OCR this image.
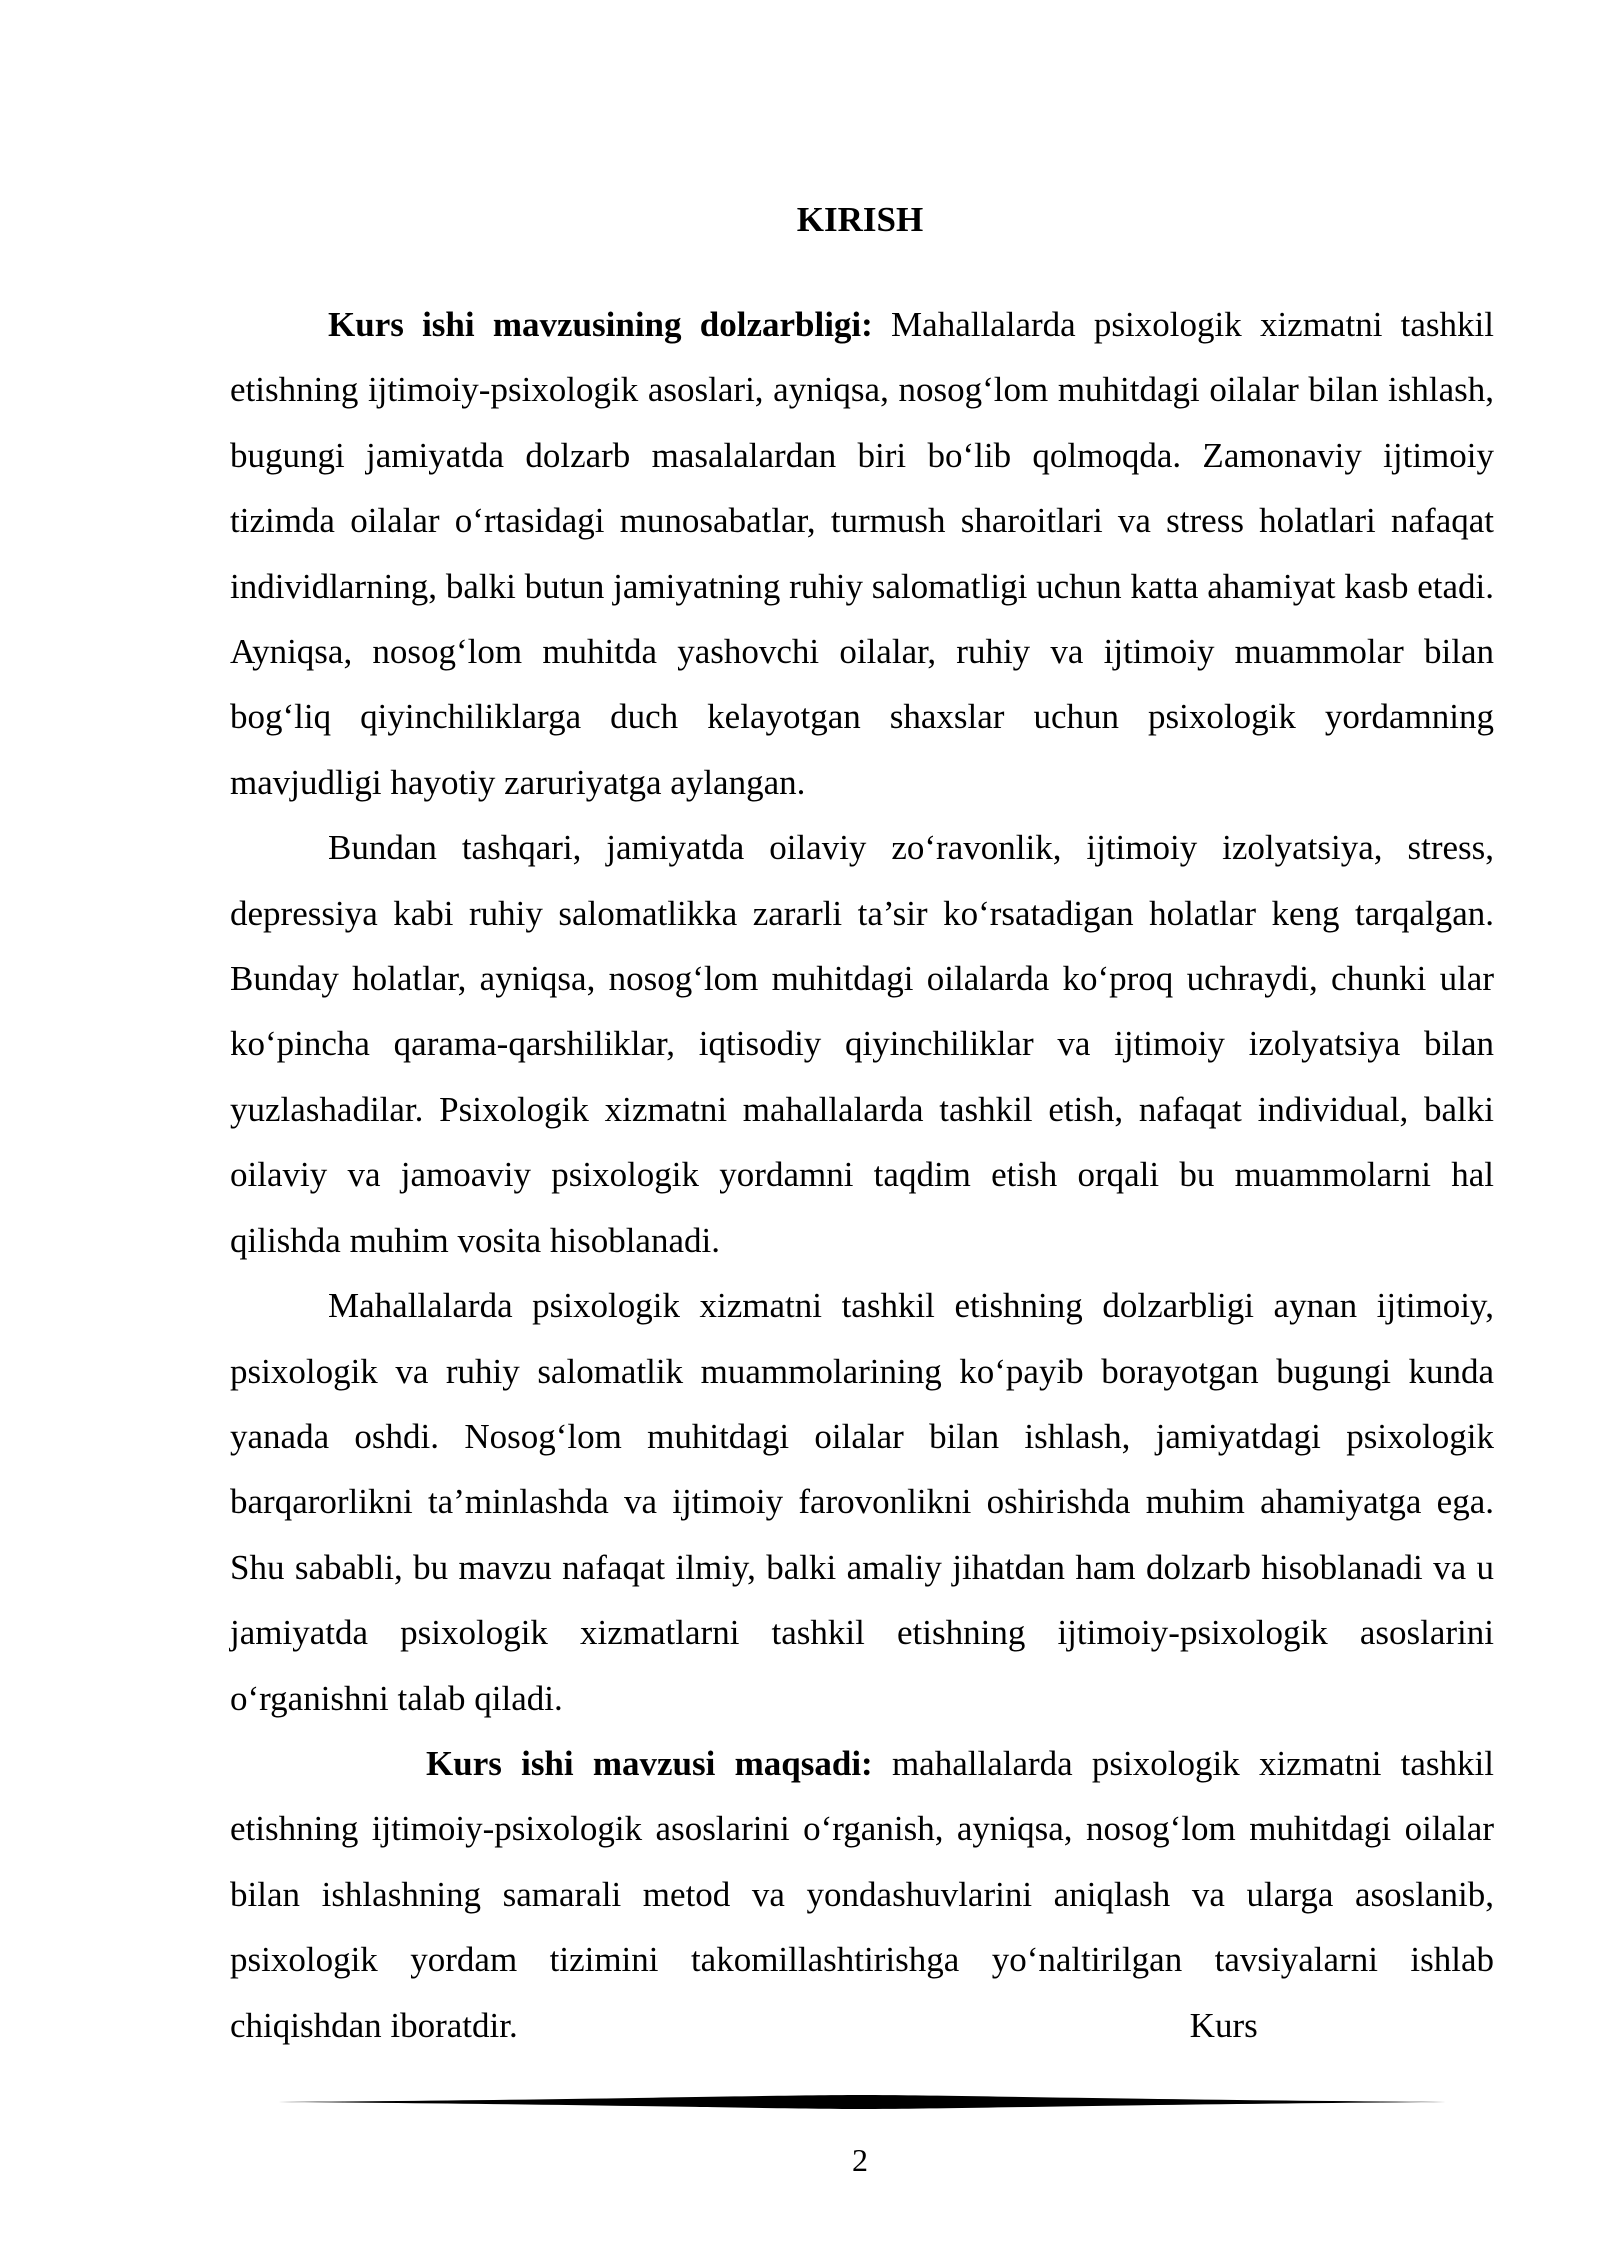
KIRISH

Kurs ishi mavzusining dolzarbligi: Mahallalarda psixologik xizmatni tashkil etishning ijtimoiy-psixologik asoslari, ayniqsa, nosog‘lom muhitdagi oilalar bilan ishlash, bugungi jamiyatda dolzarb masalalardan biri bo‘lib qolmoqda. Zamonaviy ijtimoiy tizimda oilalar o‘rtasidagi munosabatlar, turmush sharoitlari va stress holatlari nafaqat individlarning, balki butun jamiyatning ruhiy salomatligi uchun katta ahamiyat kasb etadi. Ayniqsa, nosog‘lom muhitda yashovchi oilalar, ruhiy va ijtimoiy muammolar bilan bog‘liq qiyinchiliklarga duch kelayotgan shaxslar uchun psixologik yordamning mavjudligi hayotiy zaruriyatga aylangan.

Bundan tashqari, jamiyatda oilaviy zo‘ravonlik, ijtimoiy izolyatsiya, stress, depressiya kabi ruhiy salomatlikka zararli ta’sir ko‘rsatadigan holatlar keng tarqalgan. Bunday holatlar, ayniqsa, nosog‘lom muhitdagi oilalarda ko‘proq uchraydi, chunki ular ko‘pincha qarama-qarshiliklar, iqtisodiy qiyinchiliklar va ijtimoiy izolyatsiya bilan yuzlashadilar. Psixologik xizmatni mahallalarda tashkil etish, nafaqat individual, balki oilaviy va jamoaviy psixologik yordamni taqdim etish orqali bu muammolarni hal qilishda muhim vosita hisoblanadi.

Mahallalarda psixologik xizmatni tashkil etishning dolzarbligi aynan ijtimoiy, psixologik va ruhiy salomatlik muammolarining ko‘payib borayotgan bugungi kunda yanada oshdi. Nosog‘lom muhitdagi oilalar bilan ishlash, jamiyatdagi psixologik barqarorlikni ta’minlashda va ijtimoiy farovonlikni oshirishda muhim ahamiyatga ega. Shu sababli, bu mavzu nafaqat ilmiy, balki amaliy jihatdan ham dolzarb hisoblanadi va u jamiyatda psixologik xizmatlarni tashkil etishning ijtimoiy-psixologik asoslarini o‘rganishni talab qiladi.

Kurs ishi mavzusi maqsadi: mahallalarda psixologik xizmatni tashkil etishning ijtimoiy-psixologik asoslarini o‘rganish, ayniqsa, nosog‘lom muhitdagi oilalar bilan ishlashning samarali metod va yondashuvlarini aniqlash va ularga asoslanib, psixologik yordam tizimini takomillashtirishga yo‘naltirilgan tavsiyalarni ishlab chiqishdan iboratdir.	Kurs

2
